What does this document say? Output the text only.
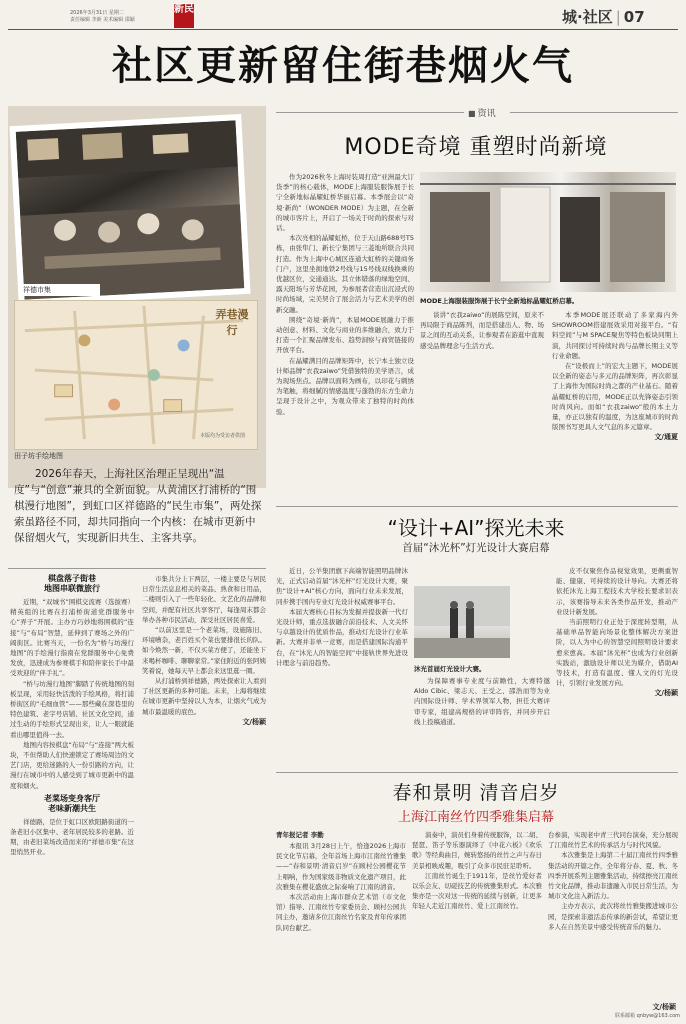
2026年3月31日 星期二
责任编辑 李新 美术编辑 邵颖
新民	城·社区 | 07
社区更新留住街巷烟火气
祥德市集
弄巷漫行
本版均为受访者供图
田子坊手绘地图
2026年春天，上海社区治理正呈现出“温度”与“创意”兼具的全新面貌。从黄浦区打浦桥的“围棋漫行地图”，到虹口区祥德路的“民生市集”，两处探索虽路径不同，却共同指向一个内核：在城市更新中保留烟火气，实现新旧共生、主客共享。
棋盘落子街巷
地图串联微旅行

近期，“双城书”围棋交流赛（选拔赛）精英组的比赛在打浦桥街道党群服务中心“弄子”开展。主办方巧妙地将围棋的“连接”与“布局”智慧，延伸到了赛场之外的广阔街区。比赛当天，一份名为“桥与坊漫行地图”的手绘漫行指南在党群服务中心免费发放，迅速成为参赛棋手和陪伴家长手中最受欢迎的“伴手礼”。

“桥与坊漫行地图”脚踏了传统地图的刻板呈现，采用轻快活泼的手绘风格，将打浦桥街区的“毛细血管”——那些藏在深巷里的特色建筑、老字号店铺、社区文化空间，通过生动的手绘形式呈现出来，让人一眼就能看出哪里值得一去。

地图内容按棋盘“布局”与“连接”两大板块，不但帮助人们快速锁定了赛场周边的文艺门店，更给迷路的人一份引路的方向，让漫行在城市中的人感受到了城市更新中的温度和烟火。

老菜场变身客厅
老味新潮共生

祥德路，是位于虹口区欧阳路街道的一条老旧小区集中、老年居民较多的老路。近期，由老旧菜场改造而来的“祥德市集”在这里悄然开业。

市集共分上下两层，一楼主要是与居民日常生活息息相关的菜品、熟食和日用品，二楼则引入了一些年轻化、文艺化的品牌和空间，并配有社区共享客厅，每逢周末都会举办各种市民活动，深受社区居民喜爱。

“以前这里是一个老菜场，设施陈旧、环境嘈杂，老百姓买个菜也要排很长的队。如今焕然一新，不仅买菜方便了，还能坐下来喝杯咖啡、聊聊家常。”家住附近的张阿姨笑着说，她每天早上都会来这里逛一圈。

从打浦桥到祥德路，两处探索让人看到了社区更新的多种可能。未来，上海将继续在城市更新中坚持以人为本，让烟火气成为城市最温暖的底色。

文/杨颖
■ 资讯
MODE奇境 重塑时尚新境

作为2026秋冬上海时装周打造“亚洲最大订货季”的核心载体，MODE上海服装服饰展于长宁全新地标晶耀虹桥华丽启幕。本季展会以“奇境·新尚”（WONDER MODE）为主题，在全新的城市客片上，开启了一场关于时尚的探索与对话。

本次亮相的晶耀虹桥，位于天山路688号T5栋，由张隼门、新长宁集团与三菱地所联合共同打造。作为上海中心城区连通大虹桥的关键商务门户，这里坐拥地铁2号线与15号线双线换乘的优越区位，交通通达。其立体错落的绿地空间、露天阳场与芳华花园，为参展者营造出沉浸式的时尚场域，完美契合了展会活力与艺术美学的创新交融。

围绕“奇境·新尚”，本届MODE展融力于推动创意、材料、文化与商业的多维融合，致力于打造一个汇聚品牌发布、趋势洞察与商贸链接的开放平台。

在晶耀满目的品牌矩阵中，长宁本土独立设计师品牌“衣我zaiwo”凭借独特的美学语言，成为现场焦点。品牌以面料为画布，以印花与刺绣为笔触，将细腻的情感温度与蓬勃的东方生命力呈现于设计之中，为观众带来了独特的时尚体验。

MODE上海服装服饰展于长宁全新地标晶耀虹桥启幕。

谈讲“衣我zaiwo”的展陈空间，原来不再局限于商品陈列，而是搭建出人、物、场景之间的互动关系，让参观者在游逛中直观感受品牌理念与生活方式。

本季MODE展还联动了多家海内外SHOWROOM搭建展效采用对接平台。“有料空间”与M SPACE聚焦等特色板块同期上演，共同探讨可持续时尚与品牌长期主义等行业命题。

在“设极而上”的宏大主题下，MODE展以全新的姿态与多元的品牌矩阵，再次彰显了上海作为国际时尚之都的产业基石。随着晶耀虹桥的启用，MODE正以先锋姿态引领时尚风向。而如“衣我zaiwo”般的本土力量，亦正以独有的温度，为这座城市的时尚版图书写更具人文气息的多元篇章。

文/通夏
“设计+AI”探光未来
首届“沐光杯”灯光设计大赛启幕

近日，公羊集团旗下高端智能照明品牌沐光，正式启动首届“沐光杯”灯光设计大赛，聚焦“设计+AI”核心方向，面向行业未来发展，同步携手国内专业灯光设计权威赛事平台。

本届大赛核心目标为发掘并提拔新一代灯光设计师，重点选拔融合前沿技术、人文关怀与卓越设计的优质作品，推动灯光设计行业革新。大赛并非单一竞赛，而是搭建国际沟通平台，在“沐光人的智能空间”中接轨世界先进设计理念与前沿趋势。

沐光首届灯光设计大赛。

为保障赛事专业度与前瞻性，大赛特邀Aldo Cibic、梁志天、王受之、邵浩而等为业内国际设计师、学术界领军人物，担任大赛评审专家，组建高规格的评审阵容，并同步开启线上投稿通道。

皮不仅聚焦作品视觉效果，更侧重智能、健康、可持续的设计导向。大赛还将依托沐光上海工程技术大学校长要求识表示，该赛指导未来各类作品开发，推动产业设计新发展。

当前照明行业正处于深度转型期，从基础单品智能向场景化整体解决方案进阶，以人为中心的智慧空间照明设计要求愈来愈高。本届“沐光杯”也成为行业创新实践站，激励设计师以光为媒介，借助AI等技术，打造有温度、懂人文的灯光设计，引领行业发展方向。

文/杨颖
春和景明 清音启岁
上海江南丝竹四季雅集启幕
青年报记者 李勤

本报讯 3月28日上午，恰逢2026上海市民文化节启幕，全年首场上海市江南丝竹雅集——“春和景明·清音启岁”在顾村公园樱花节上唱响，作为国家级非物质文化遗产项目，此次雅集在樱花盛放之际奏响了江南的清音。

本次活动由上海市群众艺术馆（市文化馆）指导、江南丝竹专家委员会、顾村公园共同主办，邀请多位江南丝竹名家及青年传承团队同台献艺。

演奏中，演员们身着传统服饰，以二胡、琵琶、笛子等乐器演绎了《中花六板》《欢乐歌》等经典曲目，婉转悠扬的丝竹之声与春日美景相映成趣，吸引了众多市民驻足聆听。

江南丝竹诞生于1911年，是丝竹爱好者以乐会友、切磋技艺的传统雅集形式。本次雅集亦是一次对这一传统的延续与创新，让更多年轻人走近江南丝竹、爱上江南丝竹。

台参演，实现老中青三代同台演奏，充分展现了江南丝竹艺术的传承活力与时代风貌。

本次雅集是上海第二十届江南丝竹四季雅集活动的开篇之作，全年将分春、夏、秋、冬四季开展系列主题雅集活动，持续擦亮江南丝竹文化品牌，推动非遗融入市民日常生活，为城市文化注入新活力。

主办方表示，此次将丝竹雅集搬进城市公园，是探索非遗活态传承的新尝试，希望让更多人在自然美景中感受传统音乐的魅力。

文/杨颖
联系邮箱 qnbyw@163.com
